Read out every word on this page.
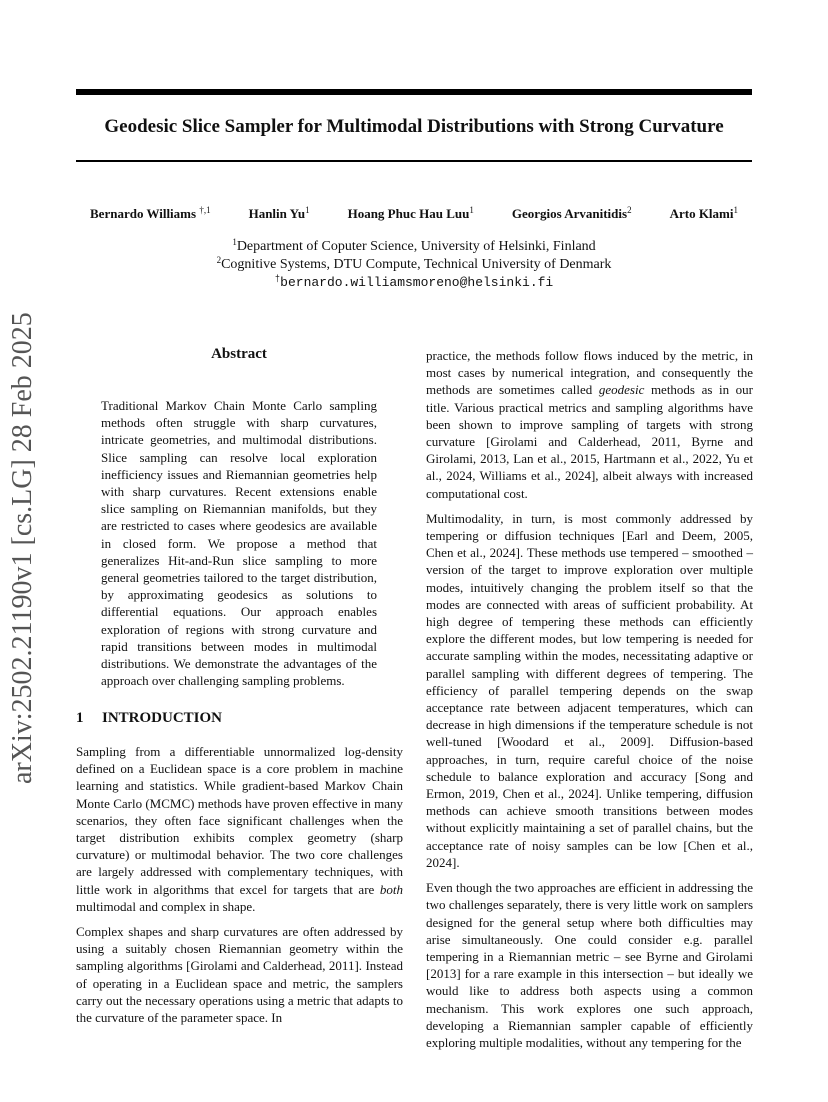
Geodesic Slice Sampler for Multimodal Distributions with Strong Curvature
Bernardo Williams $^{\dagger,1}$	Hanlin Yu$^1$	Hoang Phuc Hau Luu$^1$	Georgios Arvanitidis$^2$	Arto Klami$^1$
$^1$Department of Coputer Science, University of Helsinki, Finland
$^2$Cognitive Systems, DTU Compute, Technical University of Denmark
†bernardo.williamsmoreno@helsinki.fi
arXiv:2502.21190v1 [cs.LG] 28 Feb 2025	Abstract
Traditional Markov Chain Monte Carlo sampling methods often struggle with sharp curvatures, intricate geometries, and multimodal distributions. Slice sampling can resolve local exploration inefficiency issues and Riemannian geometries help with sharp curvatures. Recent extensions enable slice sampling on Riemannian manifolds, but they are restricted to cases where geodesics are available in closed form. We propose a method that generalizes Hit-and-Run slice sampling to more general geometries tailored to the target distribution, by approximating geodesics as solutions to differential equations. Our approach enables exploration of regions with strong curvature and rapid transitions between modes in multimodal distributions. We demonstrate the advantages of the approach over challenging sampling problems.
1 INTRODUCTION

Sampling from a differentiable unnormalized log-density defined on a Euclidean space is a core problem in machine learning and statistics. While gradient-based Markov Chain Monte Carlo (MCMC) methods have proven effective in many scenarios, they often face significant challenges when the target distribution exhibits complex geometry (sharp curvature) or multimodal behavior. The two core challenges are largely addressed with complementary techniques, with little work in algorithms that excel for targets that are both multimodal and complex in shape.

Complex shapes and sharp curvatures are often addressed by using a suitably chosen Riemannian geometry within the sampling algorithms [Girolami and Calderhead, 2011]. Instead of operating in a Euclidean space and metric, the samplers carry out the necessary operations using a metric that adapts to the curvature of the parameter space. In

practice, the methods follow flows induced by the metric, in most cases by numerical integration, and consequently the methods are sometimes called geodesic methods as in our title. Various practical metrics and sampling algorithms have been shown to improve sampling of targets with strong curvature [Girolami and Calderhead, 2011, Byrne and Girolami, 2013, Lan et al., 2015, Hartmann et al., 2022, Yu et al., 2024, Williams et al., 2024], albeit always with increased computational cost.

Multimodality, in turn, is most commonly addressed by tempering or diffusion techniques [Earl and Deem, 2005, Chen et al., 2024]. These methods use tempered – smoothed – version of the target to improve exploration over multiple modes, intuitively changing the problem itself so that the modes are connected with areas of sufficient probability. At high degree of tempering these methods can efficiently explore the different modes, but low tempering is needed for accurate sampling within the modes, necessitating adaptive or parallel sampling with different degrees of tempering. The efficiency of parallel tempering depends on the swap acceptance rate between adjacent temperatures, which can decrease in high dimensions if the temperature schedule is not well-tuned [Woodard et al., 2009]. Diffusion-based approaches, in turn, require careful choice of the noise schedule to balance exploration and accuracy [Song and Ermon, 2019, Chen et al., 2024]. Unlike tempering, diffusion methods can achieve smooth transitions between modes without explicitly maintaining a set of parallel chains, but the acceptance rate of noisy samples can be low [Chen et al., 2024].

Even though the two approaches are efficient in addressing the two challenges separately, there is very little work on samplers designed for the general setup where both difficulties may arise simultaneously. One could consider e.g. parallel tempering in a Riemannian metric – see Byrne and Girolami [2013] for a rare example in this intersection – but ideally we would like to address both aspects using a common mechanism. This work explores one such approach, developing a Riemannian sampler capable of efficiently exploring multiple modalities, without any tempering for the
